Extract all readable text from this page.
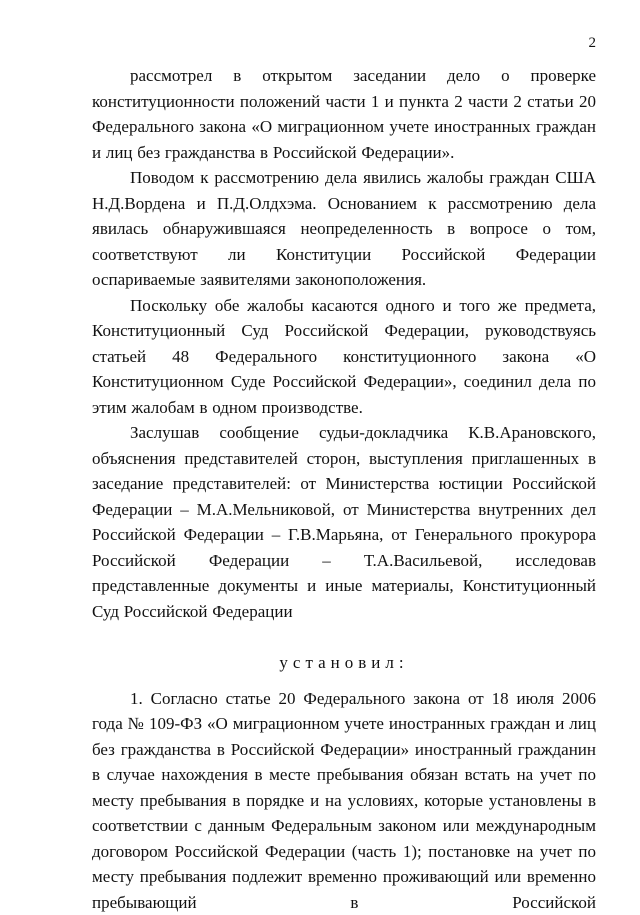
2

рассмотрел в открытом заседании дело о проверке конституционности положений части 1 и пункта 2 части 2 статьи 20 Федерального закона «О миграционном учете иностранных граждан и лиц без гражданства в Российской Федерации».

Поводом к рассмотрению дела явились жалобы граждан США Н.Д.Вордена и П.Д.Олдхэма. Основанием к рассмотрению дела явилась обнаружившаяся неопределенность в вопросе о том, соответствуют ли Конституции Российской Федерации оспариваемые заявителями законоположения.

Поскольку обе жалобы касаются одного и того же предмета, Конституционный Суд Российской Федерации, руководствуясь статьей 48 Федерального конституционного закона «О Конституционном Суде Российской Федерации», соединил дела по этим жалобам в одном производстве.

Заслушав сообщение судьи-докладчика К.В.Арановского, объяснения представителей сторон, выступления приглашенных в заседание представителей: от Министерства юстиции Российской Федерации – М.А.Мельниковой, от Министерства внутренних дел Российской Федерации – Г.В.Марьяна, от Генерального прокурора Российской Федерации – Т.А.Васильевой, исследовав представленные документы и иные материалы, Конституционный Суд Российской Федерации

установил:

1. Согласно статье 20 Федерального закона от 18 июля 2006 года № 109-ФЗ «О миграционном учете иностранных граждан и лиц без гражданства в Российской Федерации» иностранный гражданин в случае нахождения в месте пребывания обязан встать на учет по месту пребывания в порядке и на условиях, которые установлены в соответствии с данным Федеральным законом или международным договором Российской Федерации (часть 1); постановке на учет по месту пребывания подлежит временно проживающий или временно пребывающий в Российской
